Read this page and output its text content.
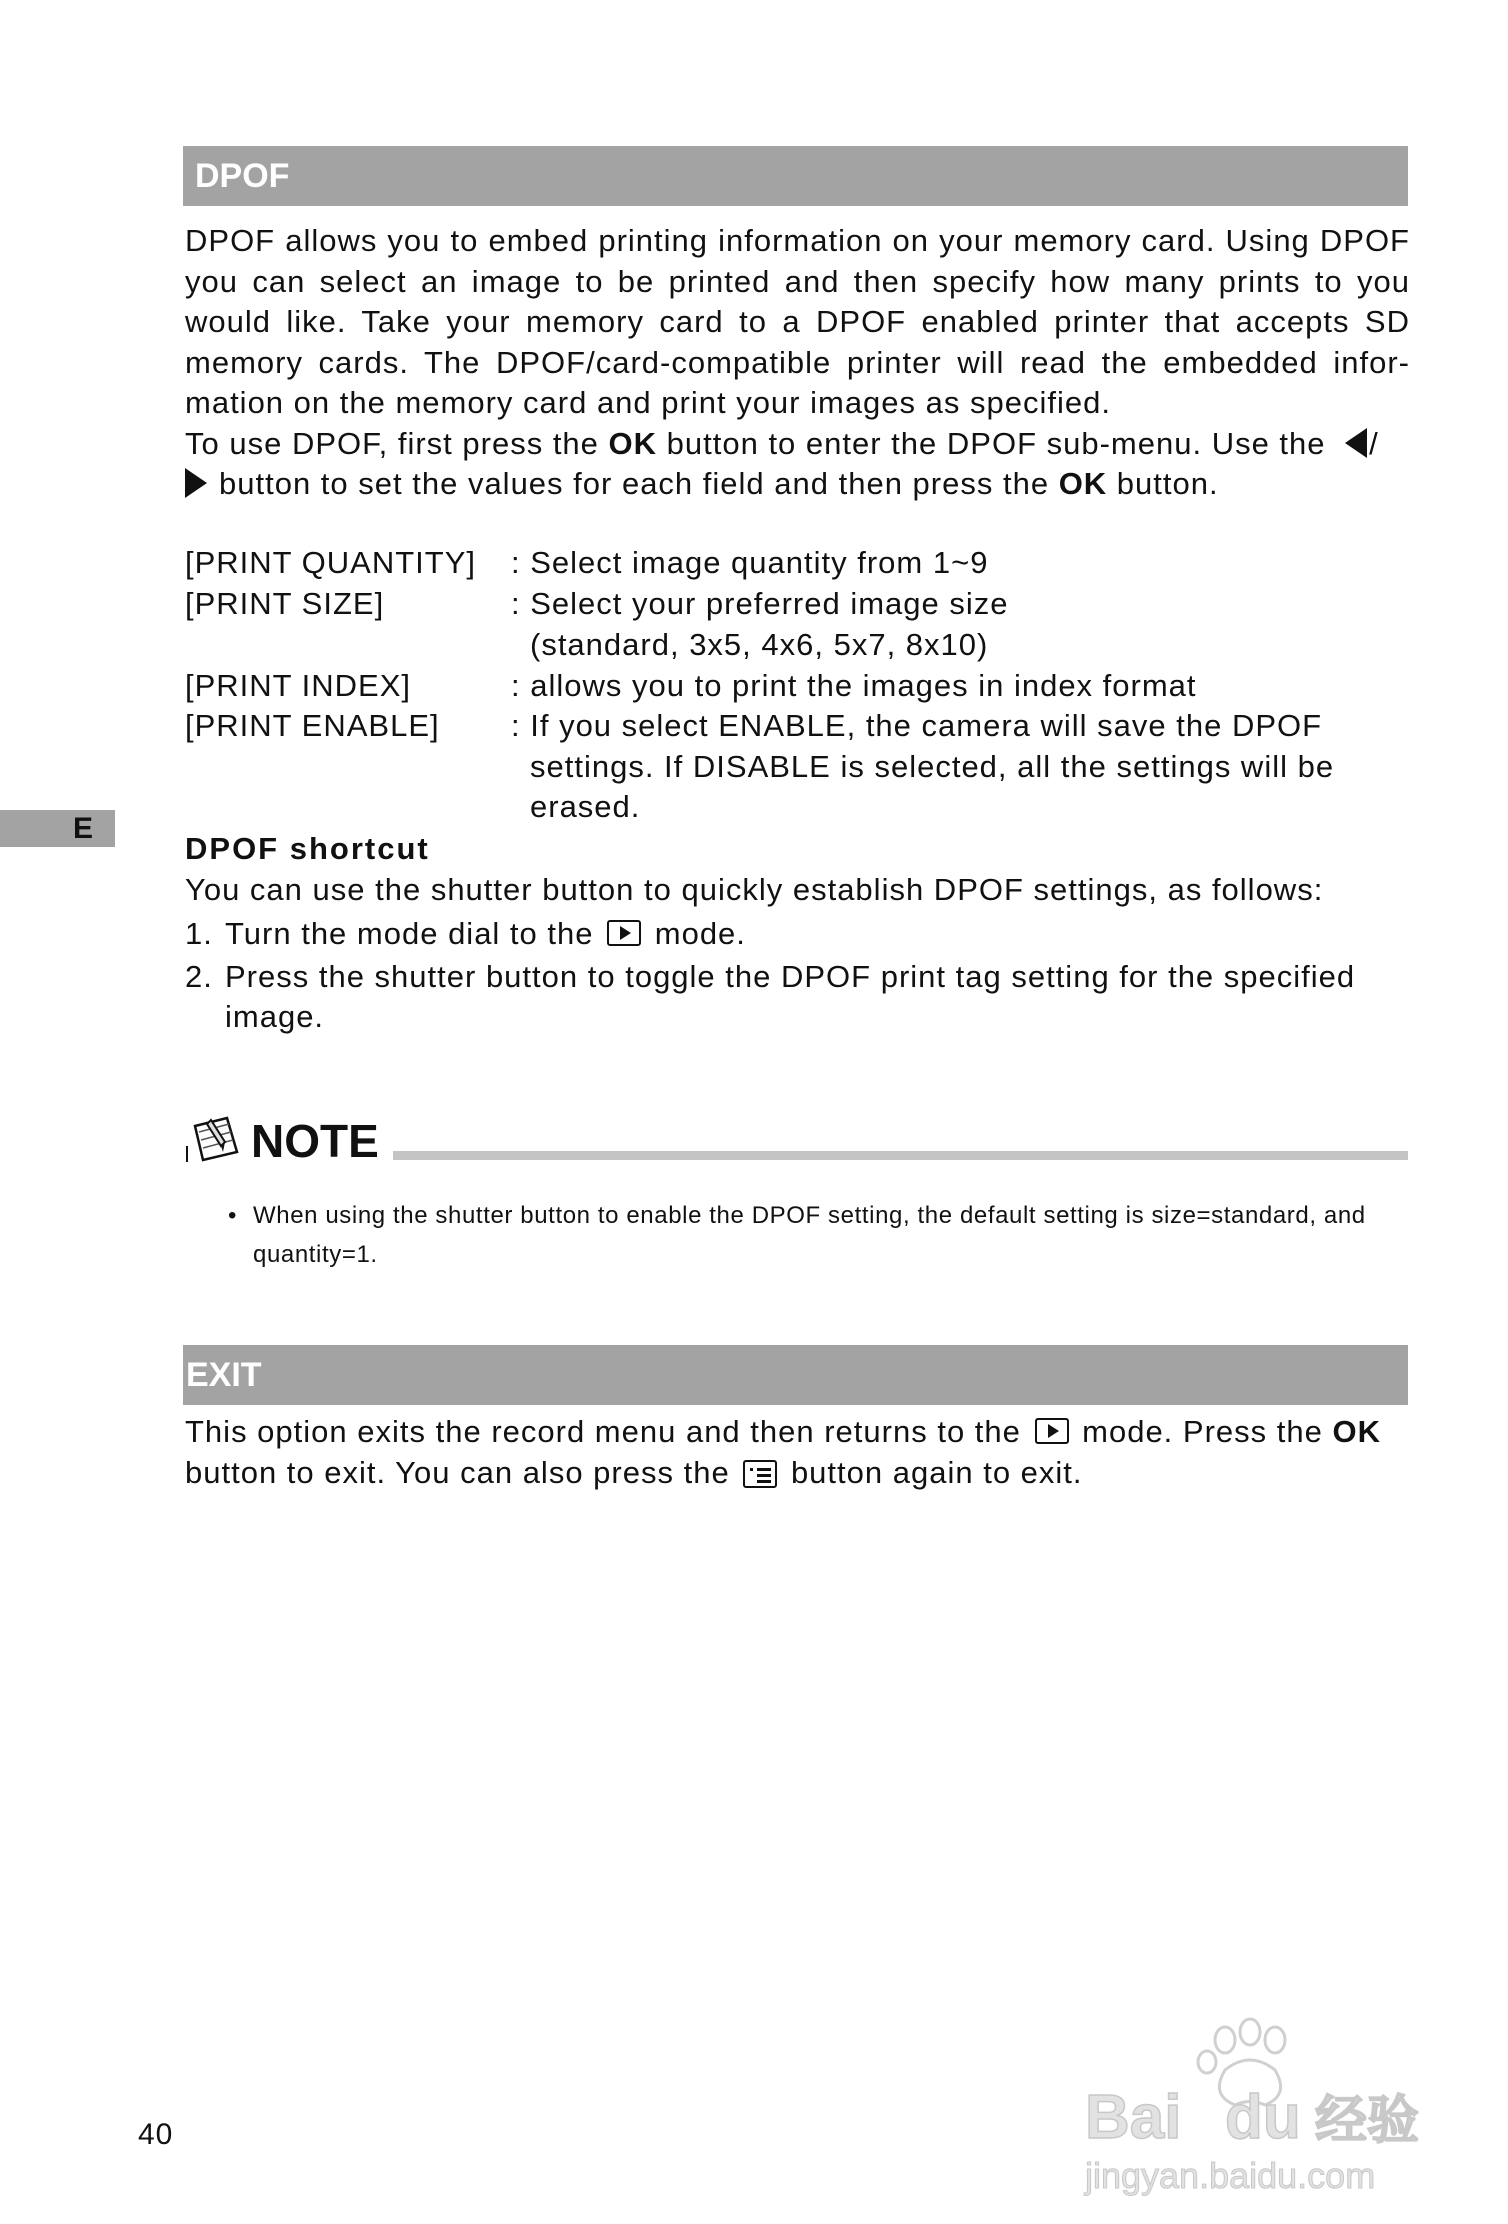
DPOF

DPOF allows you to embed printing information on your memory card. Using DPOF you can select an image to be printed and then specify how many prints to you would like. Take your memory card to a DPOF enabled printer that accepts SD memory cards. The DPOF/card-compatible printer will read the embedded infor-mation on the memory card and print your images as specified.

To use DPOF, first press the OK button to enter the DPOF sub-menu. Use the /
button to set the values for each field and then press the OK button.

[PRINT QUANTITY] : Select image quantity from 1~9
[PRINT SIZE]	: Select your preferred image size (standard, 3x5, 4x6, 5x7, 8x10)
[PRINT INDEX]	: allows you to print the images in index format
[PRINT ENABLE] : If you select ENABLE, the camera will save the DPOF settings. If DISABLE is selected, all the settings will be erased.
E

DPOF shortcut

You can use the shutter button to quickly establish DPOF settings, as follows:

1. Turn the mode dial to the mode.
2. Press the shutter button to toggle the DPOF print tag setting for the specified image.
NOTE

• When using the shutter button to enable the DPOF setting, the default setting is size=standard, and quantity=1.

EXIT

This option exits the record menu and then returns to the mode. Press the OK

button to exit. You can also press the button again to exit.

40	Bai du 经验
jingyan.baidu.com
